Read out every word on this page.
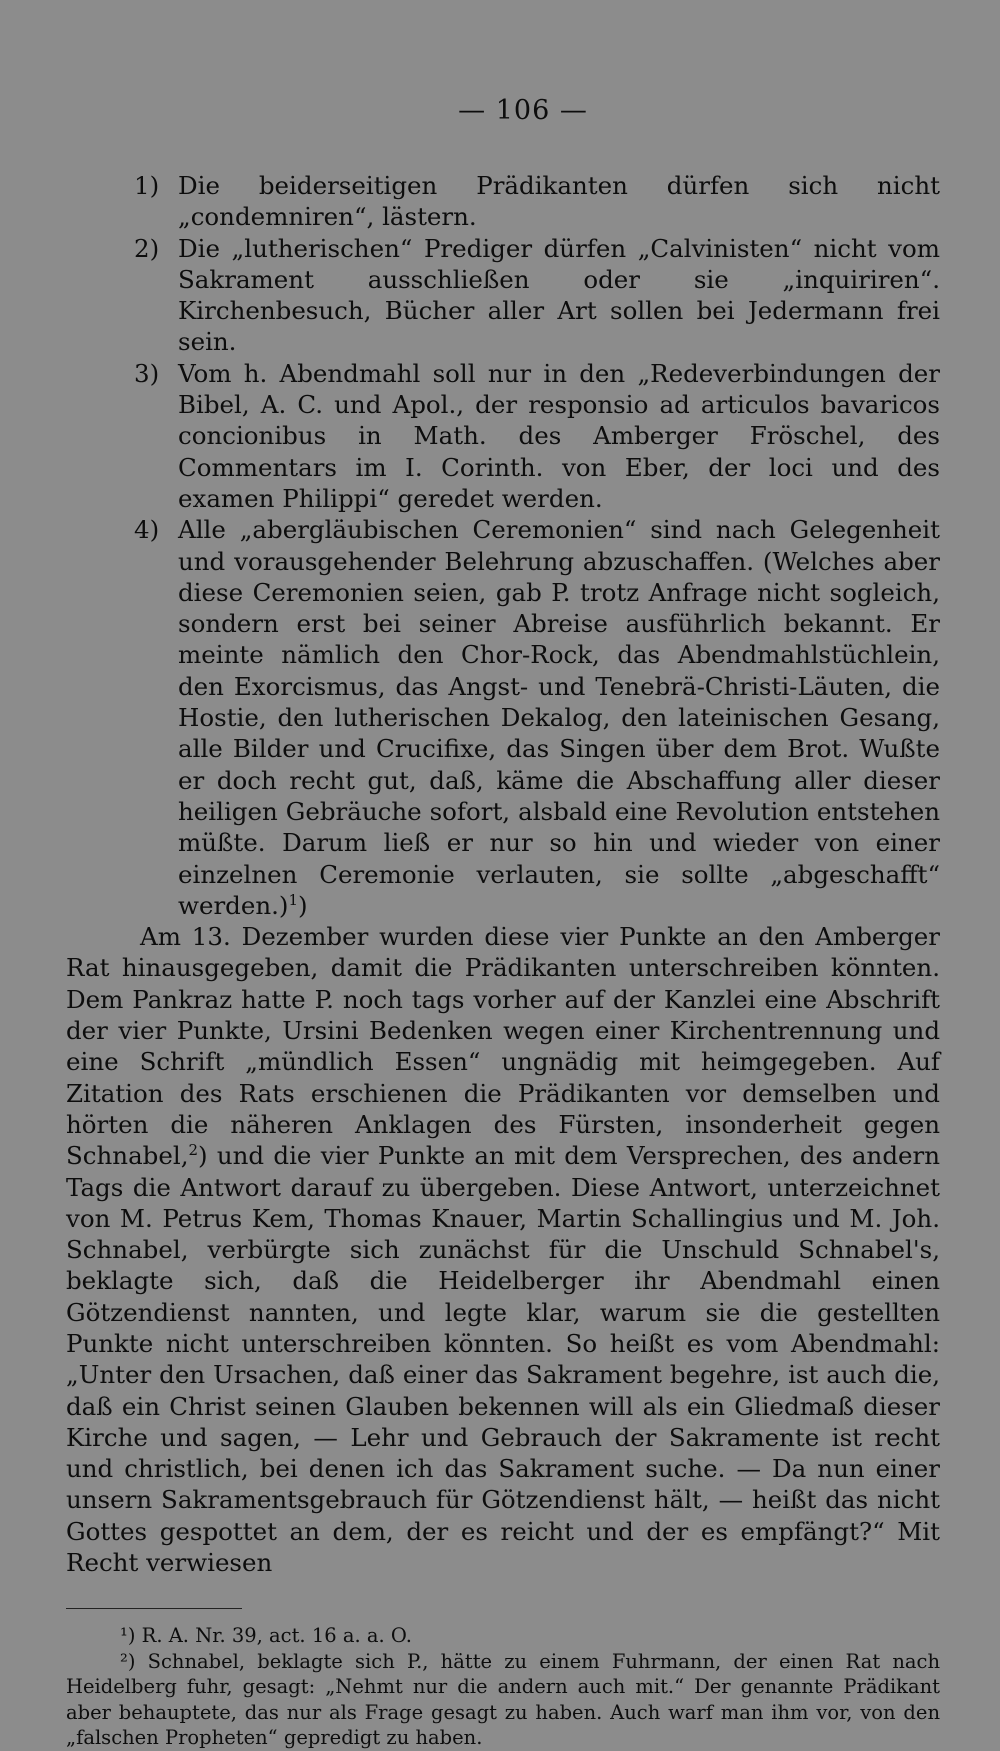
— 106 —
1) Die beiderseitigen Prädikanten dürfen sich nicht „condemniren“, lästern.
2) Die „lutherischen“ Prediger dürfen „Calvinisten“ nicht vom Sakrament ausschließen oder sie „inquiriren“. Kirchenbesuch, Bücher aller Art sollen bei Jedermann frei sein.
3) Vom h. Abendmahl soll nur in den „Redeverbindungen der Bibel, A. C. und Apol., der responsio ad articulos bavaricos concionibus in Math. des Amberger Fröschel, des Commentars im I. Corinth. von Eber, der loci und des examen Philippi“ geredet werden.
4) Alle „abergläubischen Ceremonien“ sind nach Gelegenheit und vorausgehender Belehrung abzuschaffen. (Welches aber diese Ceremonien seien, gab P. trotz Anfrage nicht sogleich, sondern erst bei seiner Abreise ausführlich bekannt. Er meinte nämlich den Chor-Rock, das Abendmahlstüchlein, den Exorcismus, das Angst- und Tenebrä-Christi-Läuten, die Hostie, den lutherischen Dekalog, den lateinischen Gesang, alle Bilder und Crucifixe, das Singen über dem Brot. Wußte er doch recht gut, daß, käme die Abschaffung aller dieser heiligen Gebräuche sofort, alsbald eine Revolution entstehen müßte. Darum ließ er nur so hin und wieder von einer einzelnen Ceremonie verlauten, sie sollte „abgeschafft“ werden.)$^1$)

Am 13. Dezember wurden diese vier Punkte an den Amberger Rat hinausgegeben, damit die Prädikanten unterschreiben könnten. Dem Pankraz hatte P. noch tags vorher auf der Kanzlei eine Abschrift der vier Punkte, Ursini Bedenken wegen einer Kirchentrennung und eine Schrift „mündlich Essen“ ungnädig mit heimgegeben. Auf Zitation des Rats erschienen die Prädikanten vor demselben und hörten die näheren Anklagen des Fürsten, insonderheit gegen Schnabel,$^2$) und die vier Punkte an mit dem Versprechen, des andern Tags die Antwort darauf zu übergeben. Diese Antwort, unterzeichnet von M. Petrus Kem, Thomas Knauer, Martin Schallingius und M. Joh. Schnabel, verbürgte sich zunächst für die Unschuld Schnabel's, beklagte sich, daß die Heidelberger ihr Abendmahl einen Götzendienst nannten, und legte klar, warum sie die gestellten Punkte nicht unterschreiben könnten. So heißt es vom Abendmahl: „Unter den Ursachen, daß einer das Sakrament begehre, ist auch die, daß ein Christ seinen Glauben bekennen will als ein Gliedmaß dieser Kirche und sagen, — Lehr und Gebrauch der Sakramente ist recht und christlich, bei denen ich das Sakrament suche. — Da nun einer unsern Sakramentsgebrauch für Götzendienst hält, — heißt das nicht Gottes gespottet an dem, der es reicht und der es empfängt?“ Mit Recht verwiesen

¹) R. A. Nr. 39, act. 16 a. a. O.

²) Schnabel, beklagte sich P., hätte zu einem Fuhrmann, der einen Rat nach Heidelberg fuhr, gesagt: „Nehmt nur die andern auch mit.“ Der genannte Prädikant aber behauptete, das nur als Frage gesagt zu haben. Auch warf man ihm vor, von den „falschen Propheten“ gepredigt zu haben.
